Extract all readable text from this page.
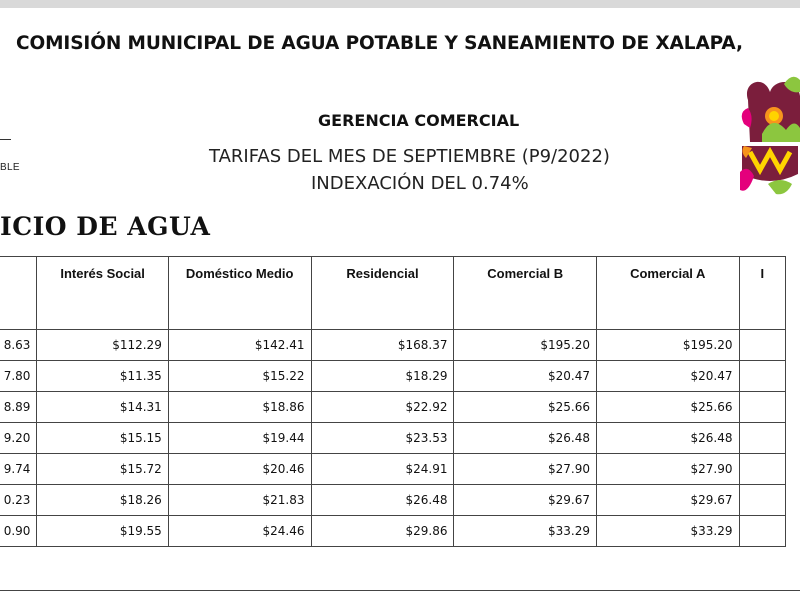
COMISIÓN MUNICIPAL DE AGUA POTABLE Y SANEAMIENTO DE XALAPA,
BLE
GERENCIA COMERCIAL
TARIFAS DEL MES DE SEPTIEMBRE (P9/2022)
INDEXACIÓN DEL 0.74%
ICIO DE AGUA
	Interés Social	Doméstico Medio	Residencial	Comercial B	Comercial A	I
8.63	$112.29	$142.41	$168.37	$195.20	$195.20	
7.80	$11.35	$15.22	$18.29	$20.47	$20.47	
8.89	$14.31	$18.86	$22.92	$25.66	$25.66	
9.20	$15.15	$19.44	$23.53	$26.48	$26.48	
9.74	$15.72	$20.46	$24.91	$27.90	$27.90	
0.23	$18.26	$21.83	$26.48	$29.67	$29.67	
0.90	$19.55	$24.46	$29.86	$33.29	$33.29	
